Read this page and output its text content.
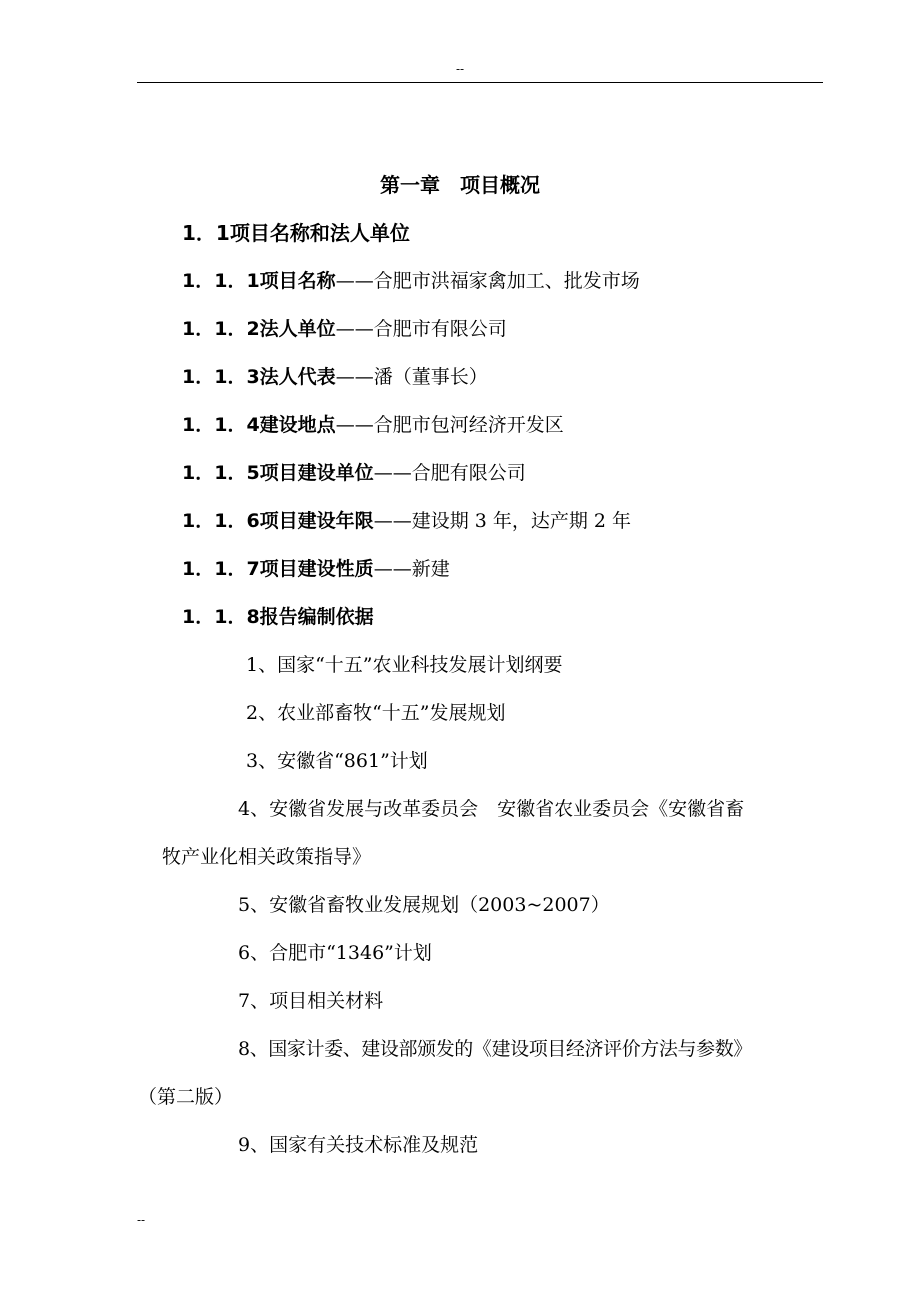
--
第一章　项目概况
1．1项目名称和法人单位
1．1．1项目名称——合肥市洪福家禽加工、批发市场
1．1．2法人单位——合肥市有限公司
1．1．3法人代表——潘（董事长）
1．1．4建设地点——合肥市包河经济开发区
1．1．5项目建设单位——合肥有限公司
1．1．6项目建设年限——建设期 3 年，达产期 2 年
1．1．7项目建设性质——新建
1．1．8报告编制依据
1、国家“十五”农业科技发展计划纲要
2、农业部畜牧“十五”发展规划
3、安徽省“861”计划
4、安徽省发展与改革委员会　安徽省农业委员会《安徽省畜
牧产业化相关政策指导》
5、安徽省畜牧业发展规划（2003~2007）
6、合肥市“1346”计划
7、项目相关材料
8、国家计委、建设部颁发的《建设项目经济评价方法与参数》
（第二版）
9、国家有关技术标准及规范
--
